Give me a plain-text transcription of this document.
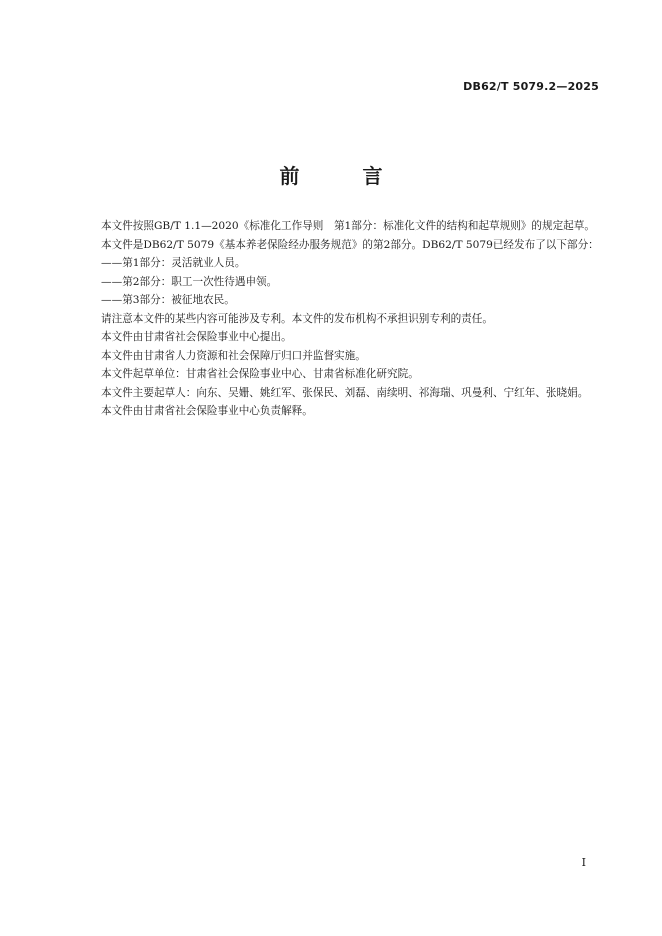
DB62/T 5079.2—2025
前 言

本文件按照GB/T 1.1—2020《标准化工作导则　第1部分：标准化文件的结构和起草规则》的规定起草。

本文件是DB62/T 5079《基本养老保险经办服务规范》的第2部分。DB62/T 5079已经发布了以下部分：

——第1部分：灵活就业人员。

——第2部分：职工一次性待遇申领。

——第3部分：被征地农民。

请注意本文件的某些内容可能涉及专利。本文件的发布机构不承担识别专利的责任。

本文件由甘肃省社会保险事业中心提出。

本文件由甘肃省人力资源和社会保障厅归口并监督实施。

本文件起草单位：甘肃省社会保险事业中心、甘肃省标准化研究院。

本文件主要起草人：向东、吴姗、姚红军、张保民、刘磊、南续明、祁海瑞、巩曼利、宁红年、张晓娟。

本文件由甘肃省社会保险事业中心负责解释。

I
